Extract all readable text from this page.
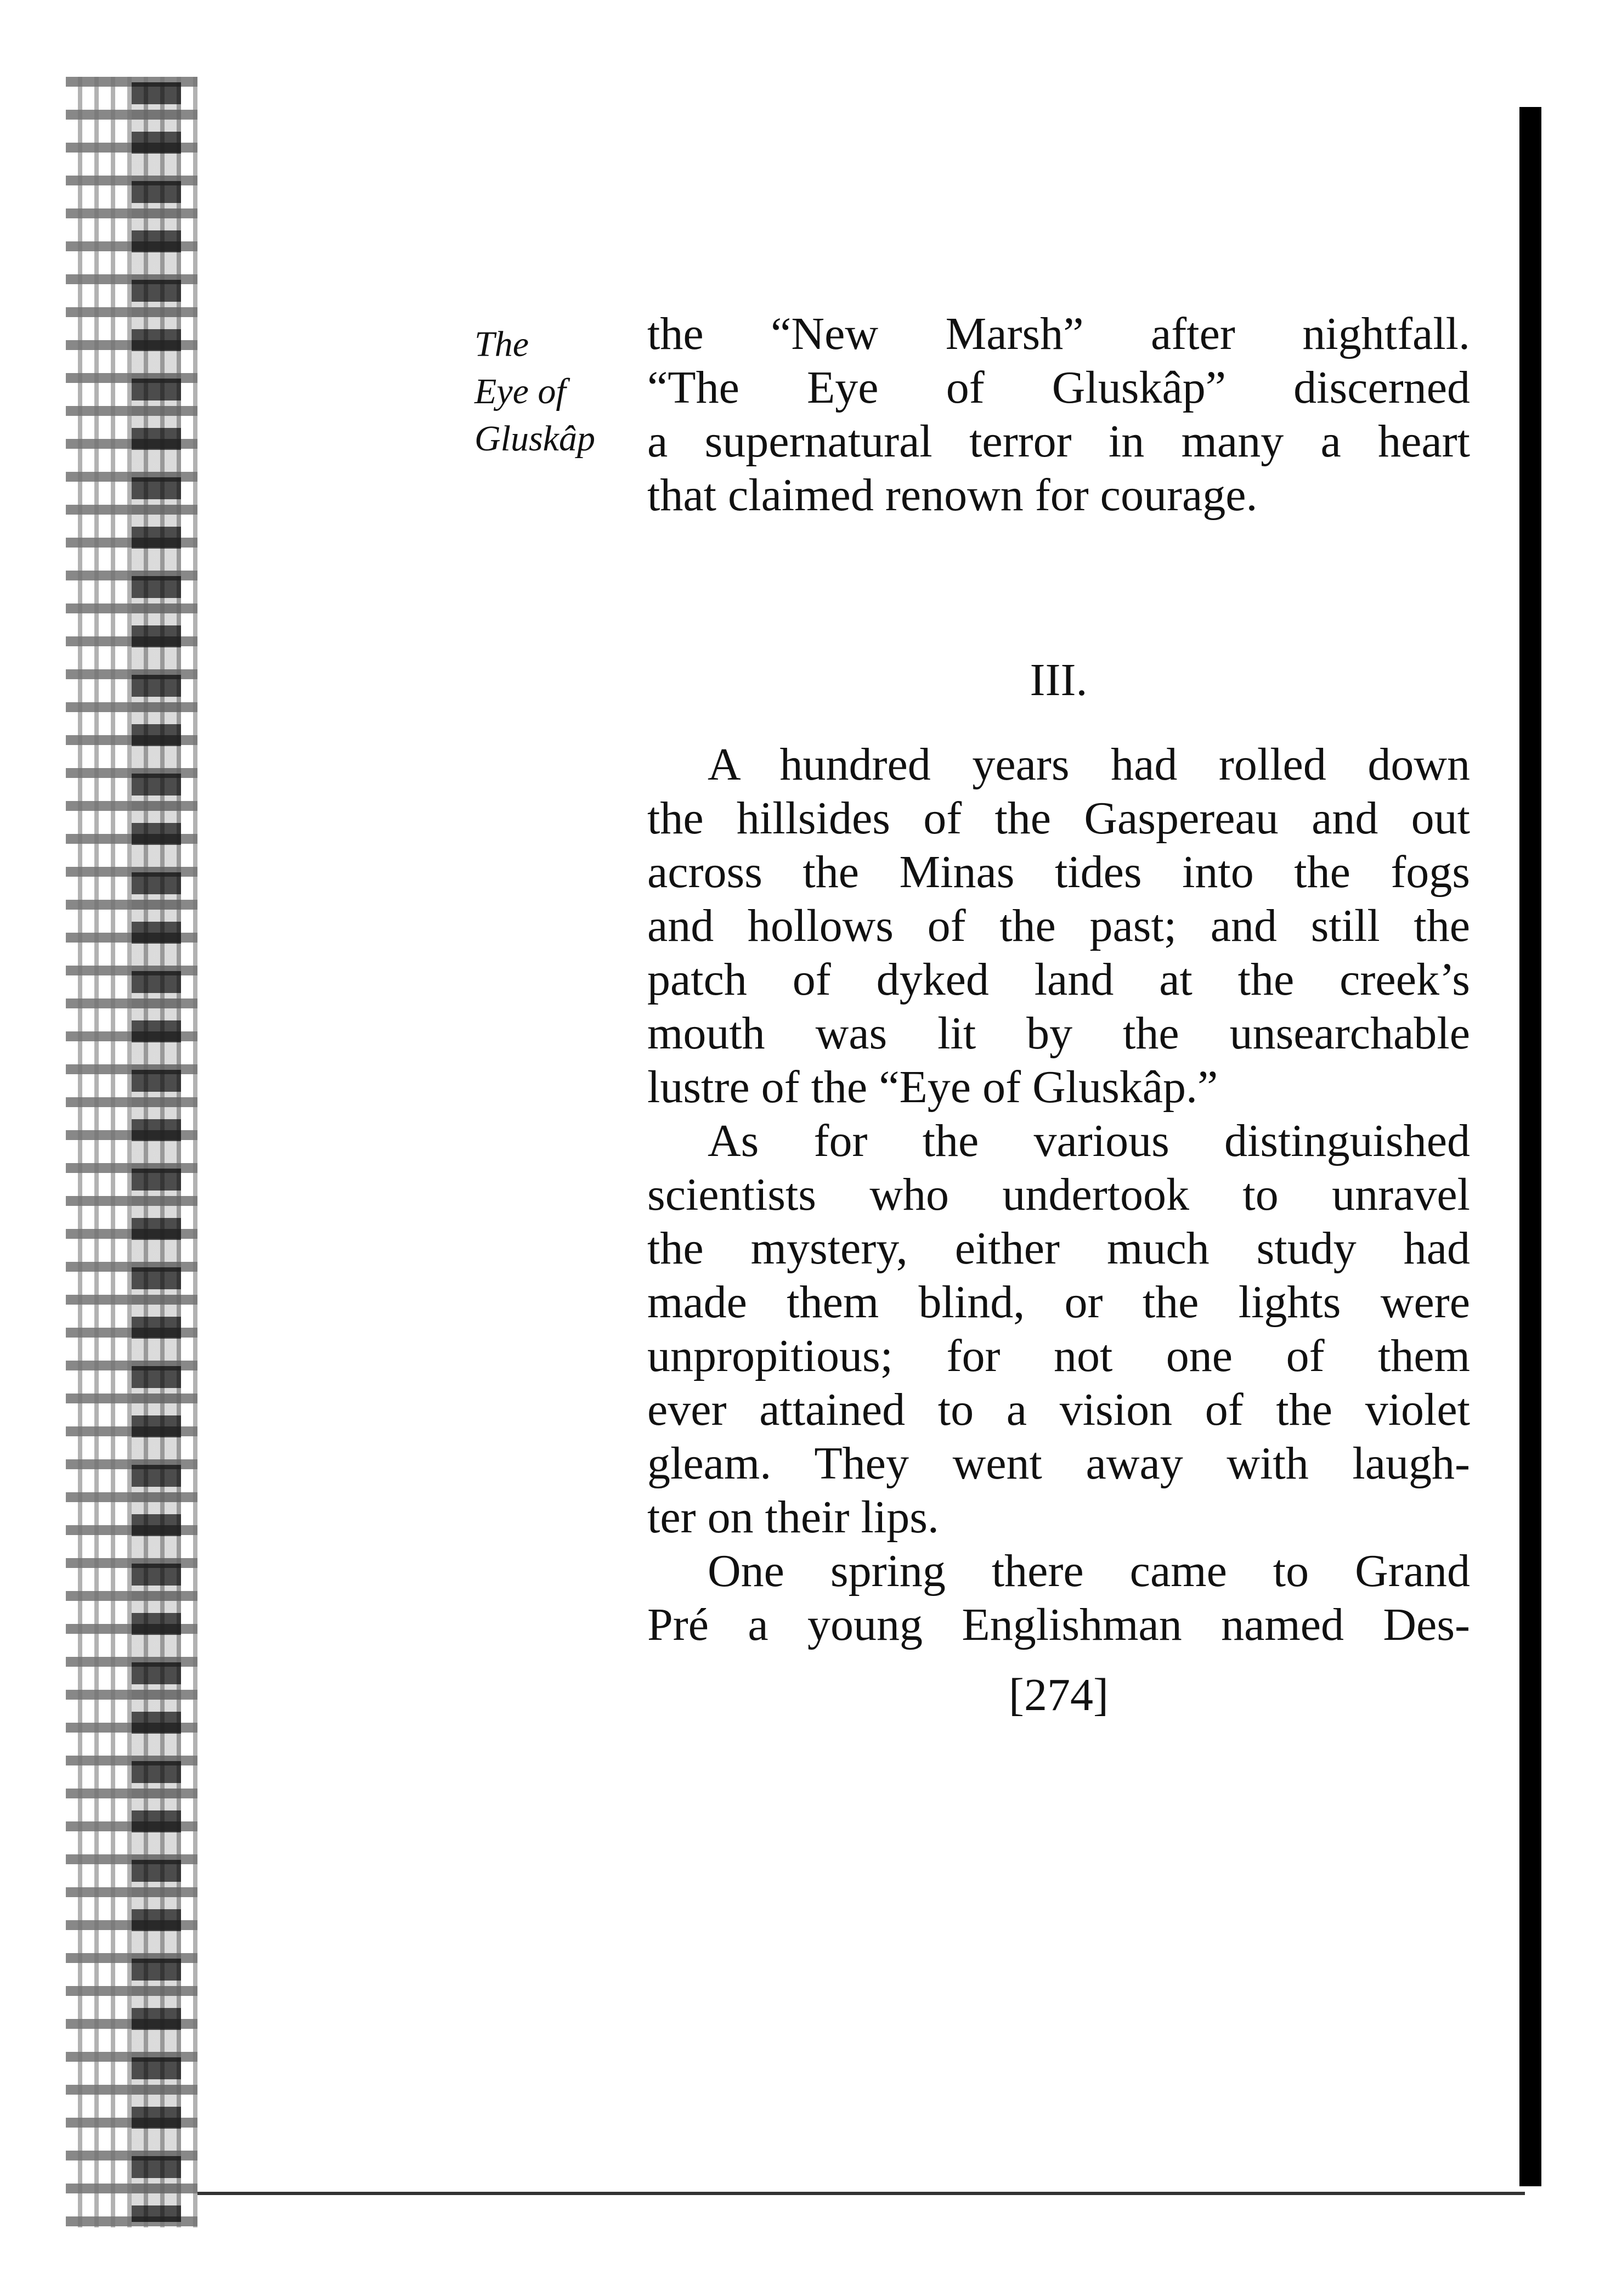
The
Eye of
Gluskâp
the “New Marsh” after nightfall.
“The Eye of Gluskâp” discerned
a supernatural terror in many a heart
that claimed renown for courage.
III.
A hundred years had rolled down
the hillsides of the Gaspereau and out
across the Minas tides into the fogs
and hollows of the past; and still the
patch of dyked land at the creek’s
mouth was lit by the unsearchable
lustre of the “Eye of Gluskâp.”
As for the various distinguished
scientists who undertook to unravel
the mystery, either much study had
made them blind, or the lights were
unpropitious; for not one of them
ever attained to a vision of the violet
gleam. They went away with laugh-
ter on their lips.
One spring there came to Grand
Pré a young Englishman named Des-
[274]
